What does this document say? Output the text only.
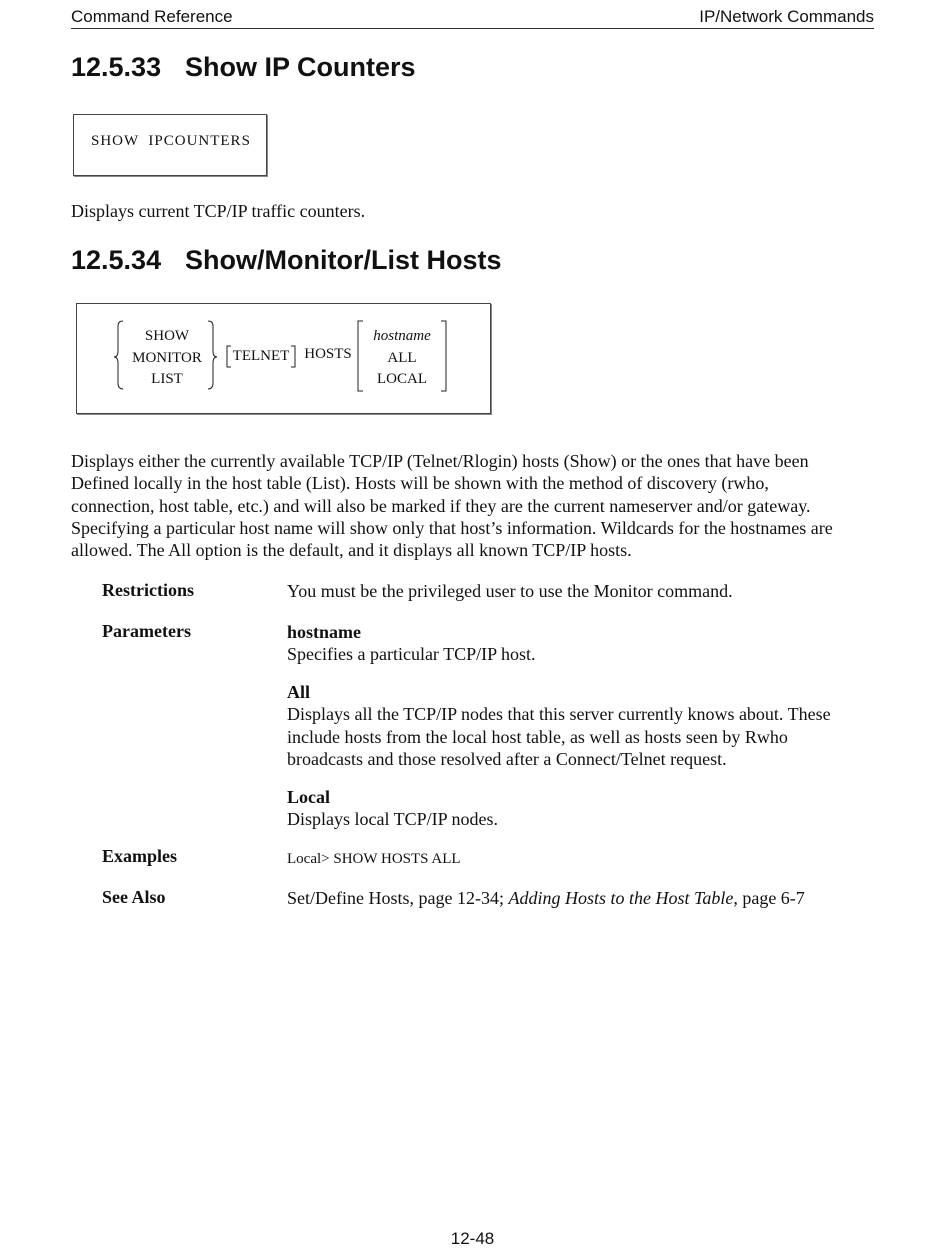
Command Reference	IP/Network Commands
12.5.33 Show IP Counters
SHOW  IPCOUNTERS

Displays current TCP/IP traffic counters.

12.5.34 Show/Monitor/List Hosts
SHOW
MONITOR
LIST
TELNET HOSTS
hostname
ALL
LOCAL

Displays either the currently available TCP/IP (Telnet/Rlogin) hosts (Show) or the ones that have been
Defined locally in the host table (List). Hosts will be shown with the method of discovery (rwho,
connection, host table, etc.) and will also be marked if they are the current nameserver and/or gateway.
Specifying a particular host name will show only that host’s information. Wildcards for the hostnames are
allowed. The All option is the default, and it displays all known TCP/IP hosts.

Restrictions	You must be the privileged user to use the Monitor command.
Parameters	hostname
Specifies a particular TCP/IP host.
All
Displays all the TCP/IP nodes that this server currently knows about. These
include hosts from the local host table, as well as hosts seen by Rwho
broadcasts and those resolved after a Connect/Telnet request.
Local
Displays local TCP/IP nodes.
Examples	Local> SHOW HOSTS ALL
See Also	Set/Define Hosts, page 12-34; Adding Hosts to the Host Table, page 6-7
12-48
